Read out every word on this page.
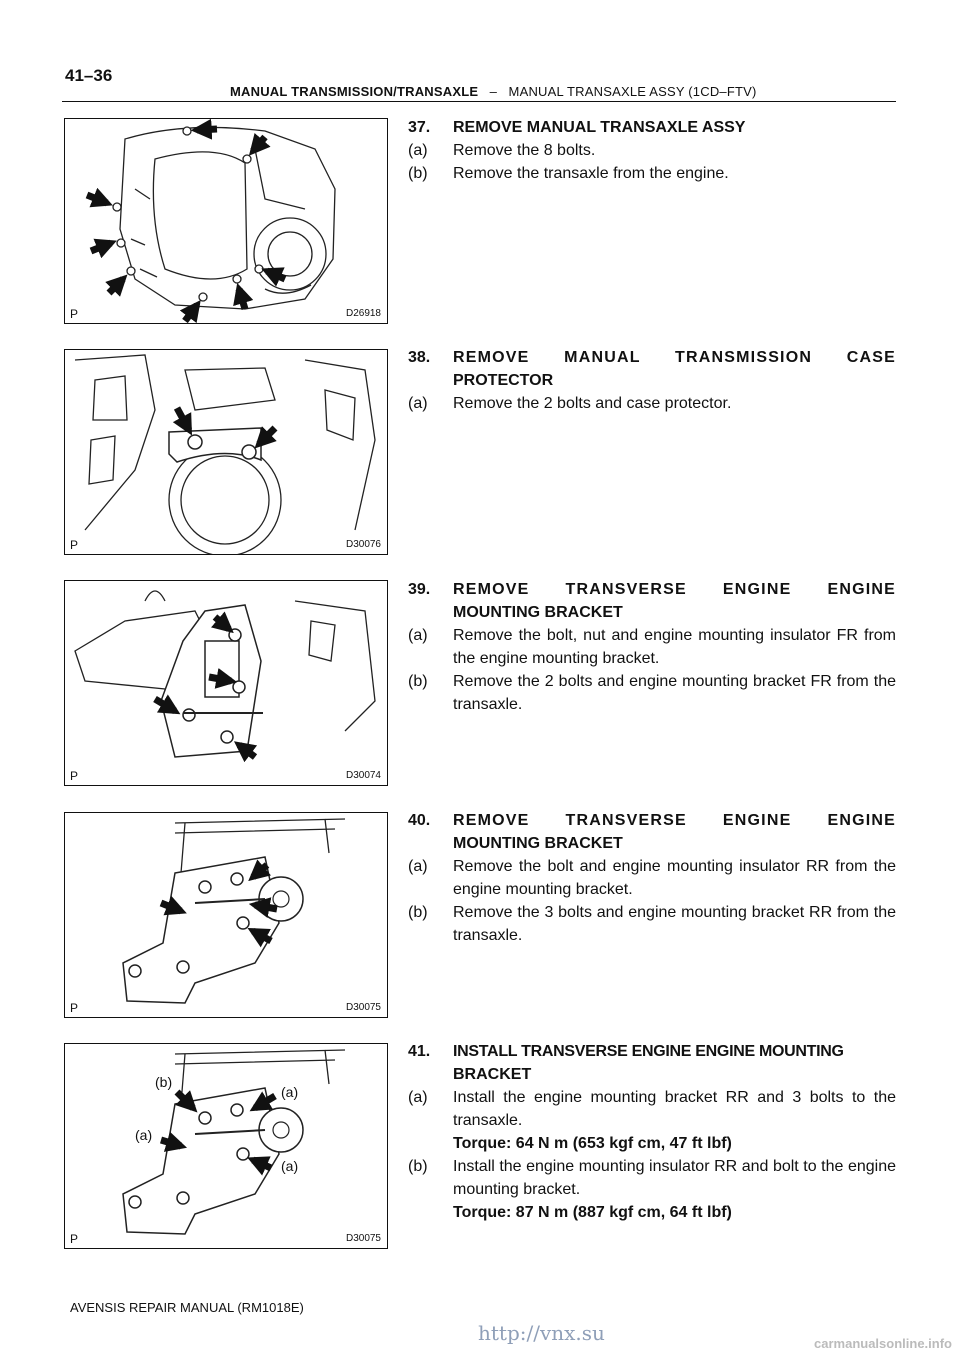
41–36
MANUAL TRANSMISSION/TRANSAXLE – MANUAL TRANSAXLE ASSY (1CD–FTV)
P	D26918
P	D30076
P	D30074
P	D30075
(b)
(a)
(a)
(a)
P	D30075
37.	REMOVE MANUAL TRANSAXLE ASSY
(a)	Remove the 8 bolts.
(b)	Remove the transaxle from the engine.
38.	REMOVE MANUAL TRANSMISSION CASE
PROTECTOR
(a)	Remove the 2 bolts and case protector.
39.	REMOVE TRANSVERSE ENGINE ENGINE
MOUNTING BRACKET
(a)	Remove the bolt, nut and engine mounting insulator FR from the engine mounting bracket.
(b)	Remove the 2 bolts and engine mounting bracket FR from the transaxle.
40.	REMOVE TRANSVERSE ENGINE ENGINE
MOUNTING BRACKET
(a)	Remove the bolt and engine mounting insulator RR from the engine mounting bracket.
(b)	Remove the 3 bolts and engine mounting bracket RR from the transaxle.
41.	INSTALL TRANSVERSE ENGINE ENGINE MOUNTING
BRACKET
(a)	Install the engine mounting bracket RR and 3 bolts to the transaxle.
Torque: 64 N m (653 kgf cm, 47 ft lbf)
(b)	Install the engine mounting insulator RR and bolt to the engine mounting bracket.
Torque: 87 N m (887 kgf cm, 64 ft lbf)
AVENSIS REPAIR MANUAL (RM1018E)
http://vnx.su	carmanualsonline.info
